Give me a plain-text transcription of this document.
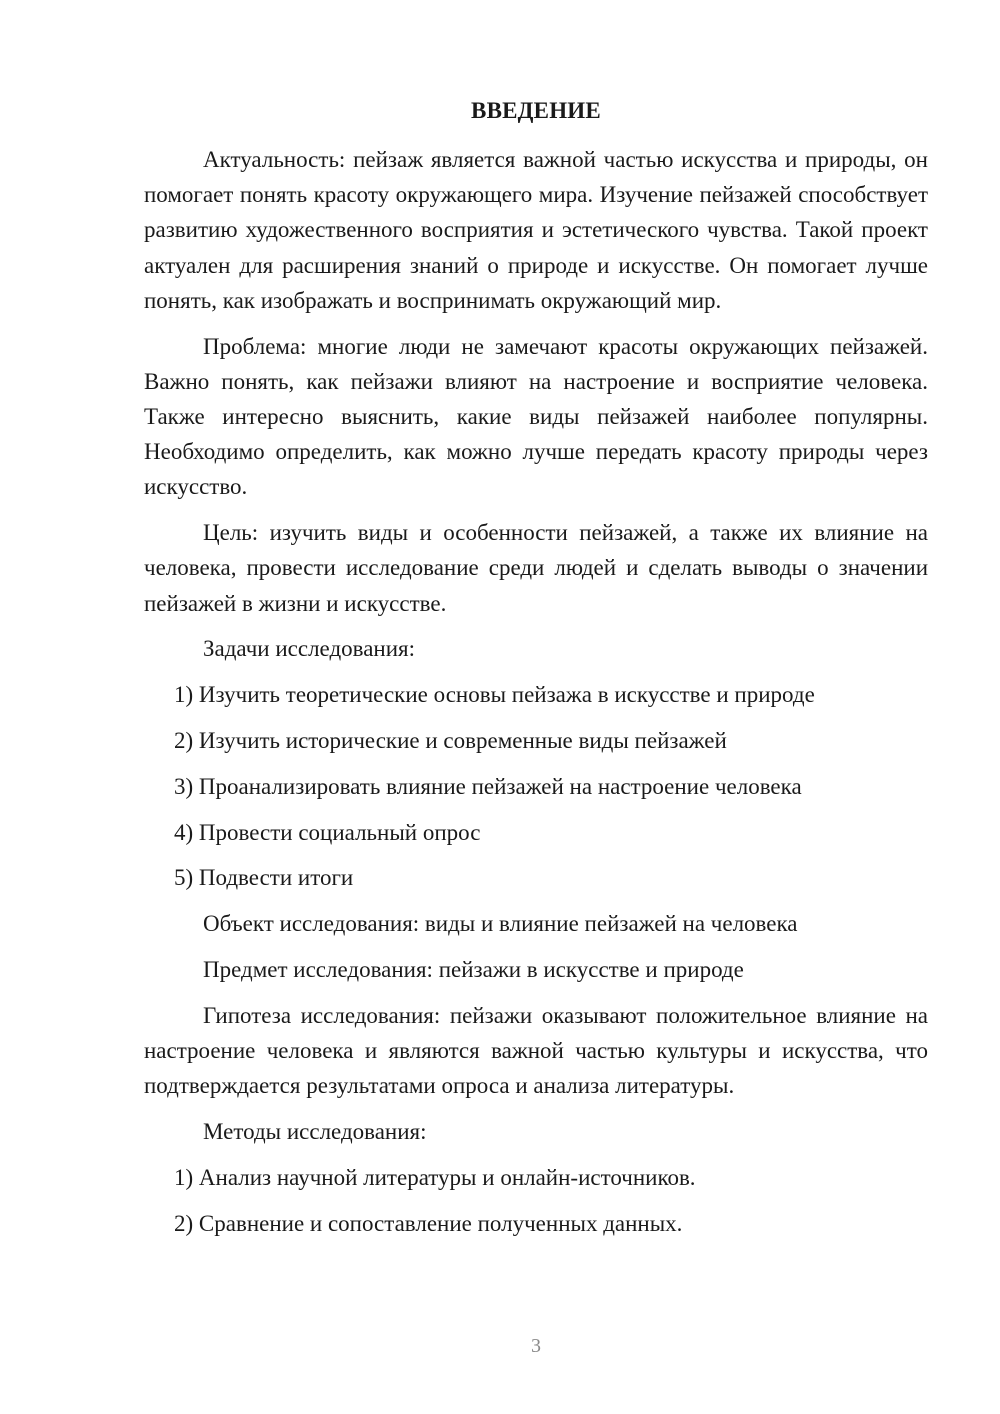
ВВЕДЕНИЕ

Актуальность: пейзаж является важной частью искусства и природы, он помогает понять красоту окружающего мира. Изучение пейзажей способствует развитию художественного восприятия и эстетического чувства. Такой проект актуален для расширения знаний о природе и искусстве. Он помогает лучше понять, как изображать и воспринимать окружающий мир.

Проблема: многие люди не замечают красоты окружающих пейзажей. Важно понять, как пейзажи влияют на настроение и восприятие человека. Также интересно выяснить, какие виды пейзажей наиболее популярны. Необходимо определить, как можно лучше передать красоту природы через искусство.

Цель: изучить виды и особенности пейзажей, а также их влияние на человека, провести исследование среди людей и сделать выводы о значении пейзажей в жизни и искусстве.

Задачи исследования:

1) Изучить теоретические основы пейзажа в искусстве и природе

2) Изучить исторические и современные виды пейзажей

3) Проанализировать влияние пейзажей на настроение человека

4) Провести социальный опрос

5) Подвести итоги

Объект исследования: виды и влияние пейзажей на человека

Предмет исследования: пейзажи в искусстве и природе

Гипотеза исследования: пейзажи оказывают положительное влияние на настроение человека и являются важной частью культуры и искусства, что подтверждается результатами опроса и анализа литературы.

Методы исследования:

1) Анализ научной литературы и онлайн-источников.

2) Сравнение и сопоставление полученных данных.

3
